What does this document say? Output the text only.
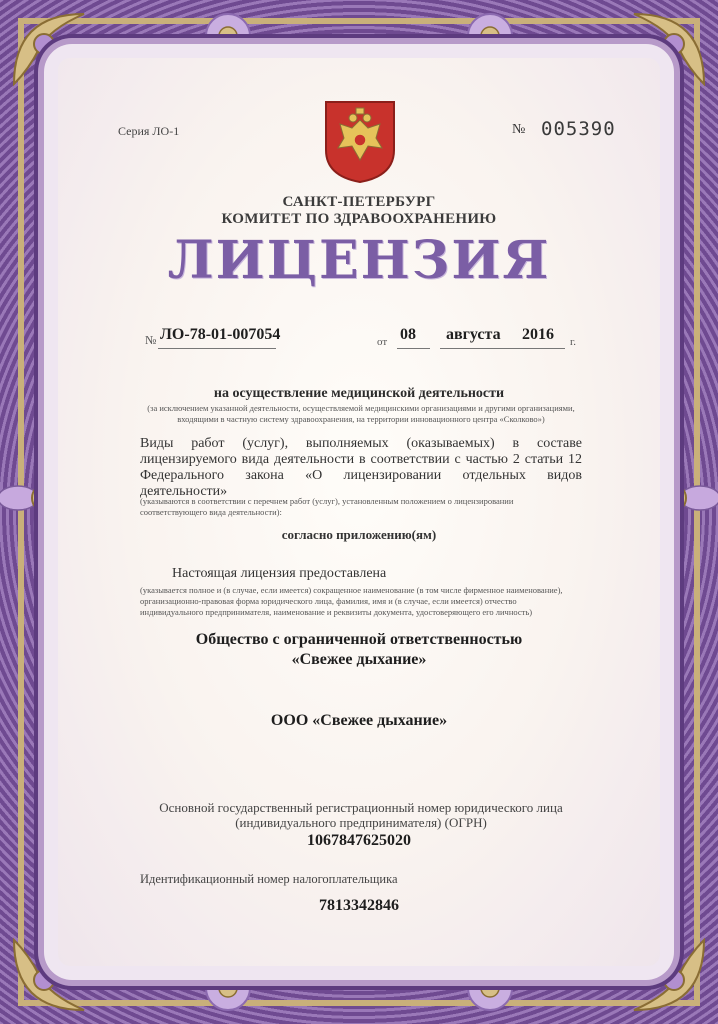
Серия ЛО-1	№ 005390
САНКТ-ПЕТЕРБУРГ
КОМИТЕТ ПО ЗДРАВООХРАНЕНИЮ
ЛИЦЕНЗИЯ
№ ЛО-78-01-007054	от 08 августа 2016 г.
на осуществление медицинской деятельности
(за исключением указанной деятельности, осуществляемой медицинскими организациями и другими организациями, входящими в частную систему здравоохранения, на территории инновационного центра «Сколково»)
Виды работ (услуг), выполняемых (оказываемых) в составе лицензируемого вида деятельности в соответствии с частью 2 статьи 12 Федерального закона «О лицензировании отдельных видов деятельности»
(указываются в соответствии с перечнем работ (услуг), установленным положением о лицензировании соответствующего вида деятельности):
согласно приложению(ям)
Настоящая лицензия предоставлена
(указывается полное и (в случае, если имеется) сокращенное наименование (в том числе фирменное наименование), организационно-правовая форма юридического лица, фамилия, имя и (в случае, если имеется) отчество индивидуального предпринимателя, наименование и реквизиты документа, удостоверяющего его личность)
Общество с ограниченной ответственностью
«Свежее дыхание»
ООО «Свежее дыхание»
Основной государственный регистрационный номер юридического лица (индивидуального предпринимателя) (ОГРН)
1067847625020
Идентификационный номер налогоплательщика
7813342846
